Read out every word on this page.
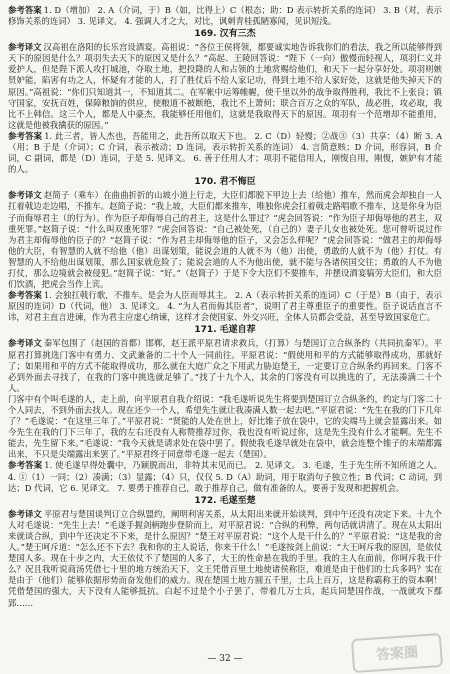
参考答案 1. D（增加） 2. A（介词，于）B（如，比得上）C（根态；助：D 表示转折关系的连词） 3. B（对，表示修饰关系的连词） 3. 见译文。 4. 强调人才之大，对比，讽刺青桂孤陋寡闻，见识短浅。

169. 汉有三杰

参考译文 汉高祖在洛阳的长乐宫设酒宴。高祖说：“各位王侯将领，都要诚实地告诉我你们的看法，我之所以能够得到天下的原因是什么？项羽失去天下的原因又是什么？”高起、王陵回答说：“陛下（一向）傲慢而轻视人，项羽仁义并爱护人，但是陛下派人攻打城池，夺取土地，把投降的人和占领的土地赏赐给他们，和天下一起分享好处。项羽则嫉贤妒能，陷害有功之人，怀疑有才能的人，打了胜仗后不给人家记功，得到土地不给人家好处，这就是他失掉天下的原因。”高祖说：“你们只知道其一，不知道其二。在军帐中运筹帷幄，使千里以外的战争取得胜利，我比不上张良；镇守国家，安抚百姓，保障粮饷的供应，使粮道不被断绝，我比不上萧何；联合百万之众的军队，战必胜，攻必取，我比不上韩信。这三个人，都是人中豪杰，我能够任用他们，这就是我取得天下的原因。项羽有一个范增却不能重用，这就是他被我擒获的原因。”

参考答案 1. 此三者，皆人杰也，吾能用之，此吾所以取天下也。 2. C（D）轻慢；②战③（3）共享：（4）断 3. A（用；B 于是（介词）；C 介词，表示被动；D 连词，表示转折关系的连词） 4. 言简意赅；D 介词，形容词，B 介词，C 副词，都是（D）连词，于是 5. 见译文。 6. 善于任用人才；项羽不能信用人，刚愎自用，刚愎，嫉妒有才能的人。

170. 君不悔臣

参考译文 赵简子（乘车）在曲曲折折的山坡小道上行走，大臣们都脱下甲边上去（给他）推车，然而虎会却独自一人扛着戟边走边唱，不推车。赵简子说：“我上坡，大臣们都来推车，唯独你虎会扛着戟走路唱歌不推车，这是你身为臣子而侮辱君主（的行为）。作为臣子却侮辱自己的君主，这是什么罪过？”虎会回答说：“作为臣子却侮辱他的君主，双重死罪。”赵简子说：“什么叫双重死罪？”虎会回答说：“自己被处死，（自己的）妻子儿女也被处死。您可曾听说过作为君主却侮辱他的臣子的？”赵简子说：“作为君主却侮辱他的臣子，又会怎么样呢？”虎会回答说：“做君主的却侮辱他的大臣，有智慧的人就不给他（他）出谋划策，能说会道的人就不为（他）出使，勇敢的人就不为（他）打仗。有智慧的人不给他出谋划策，那么国家就危险了；能说会道的人不为他出使，就不能与各诸侯国交往；勇敢的人不为他打仗，那么边境就会被侵犯。”赵简子说：“好。”（赵简子）于是下令大臣们不要推车，并摆设酒宴犒劳大臣们，和大臣们饮酒，把虎会当作上宾。

参考答案 1. 会独扛戟行歌，不推车。是会为人臣而辱其主。 2. A（表示转折关系的连词）C（于是）B（由于，表示原因的连词）D（代词，他） 3. 见译文。 4. “为人君而侮其臣者”，说明了君主尊重臣子的重要性。臣子说话直言不讳，对君主直言进谏，作为君主应虚心纳谏，这样才会使国家、外交兴旺，全体人员都会受益，甚至导致国家危亡。

171. 毛遂自荐

参考译文 秦军包围了（赵国的首都）邯郸，赵王派平原君请求救兵，（打算）与楚国订立合纵条约（共同抗秦军）。平原君打算挑选门客中有勇力、文武兼备的二十个人一同前往。平原君说：“假使用和平的方式能够取得成功，那就好了；如果用和平的方式不能取得成功，那么就在大庭广众之下用武力胁迫楚王，一定要订立合纵条约再回来。门客不必到外面去寻找了，在我的门客中挑选就足够了。”找了十九个人，其余的门客没有可以挑选的了，无法凑满二十个人。

门客中有个叫毛遂的人，走上前，向平原君自我介绍说：“我毛遂听说先生将要到楚国订立合纵条约，约定与门客二十个人同去，不到外面去找人。现在还少一个人，希望先生就让我凑满人数一起去吧。”平原君说：“先生在我的门下几年了？”毛遂说：“在这里三年了。”平原君说：“贤能的人处在世上，好比锥子放在袋中，它的尖端马上就会显露出来。如今先生在我的门下三年了，我的左右还没有人称赞推荐过你，我也没有听说过你，这是先生没有什么才能啊。先生不能去，先生留下来。”毛遂说：“我今天就是请求处在袋中罢了。假使我毛遂早就处在袋中，就会连整个锥子的末端都露出来，不只是尖端露出来罢了。”平原君终于同意带毛遂一起去（楚国）。

参考答案 1. 使毛遂早得处囊中，乃颖脱而出，非特其末见而已。 2. 见译文。 3. 毛遂，生于先生所不知所道之人。 4. ①（1）一同；（2）凑满；（3）显露；（4）只，仅仅 5. D（A）助词，用于取消句子独立性；B 代词；C 动词，到达；D 代词，它 6. 见译文。 7. 要勇于推荐自己，敢于推荐自己，做有准备的人，要善于发现和把握机会。

172. 毛遂至楚

参考译文 平原君与楚国谈判订立合纵盟约，阐明利害关系，从太阳出来就开始谈判，到中午还没有决定下来。十九个人对毛遂说：“先生上去！”毛遂手握剑柄跑步登阶而上，对平原君说：“合纵的利弊，两句话就讲清了。现在从太阳出来就谈合纵，到中午还决定不下来，是什么原因？”楚王对平原君说：“这个人是干什么的？”平原君说：“这是我的舍人。”楚王呵斥道：“怎么还不下去？我和你的主人说话，你来干什么！”毛遂按剑上前说：“大王呵斥我的原因，是依仗楚国人多。现在十步之内，大王依仗不了楚国的人多了，大王的性命悬在我的手里。我的主人在面前，你呵斥我干什么？况且我听说商汤凭借七十里的地方统治天下，文王凭借百里土地使诸侯称臣，难道是由于他们的士兵多吗？实在是由于（他们）能够依据形势而奋发他们的威力。现在楚国土地方圆五千里，士兵上百万，这是称霸称王的资本啊！凭借楚国的强大，天下没有人能够抵抗。白起不过是个小子罢了，带着几万士兵，起兵同楚国作战，一战就攻下鄢郢……

— 32 —	答案圈
